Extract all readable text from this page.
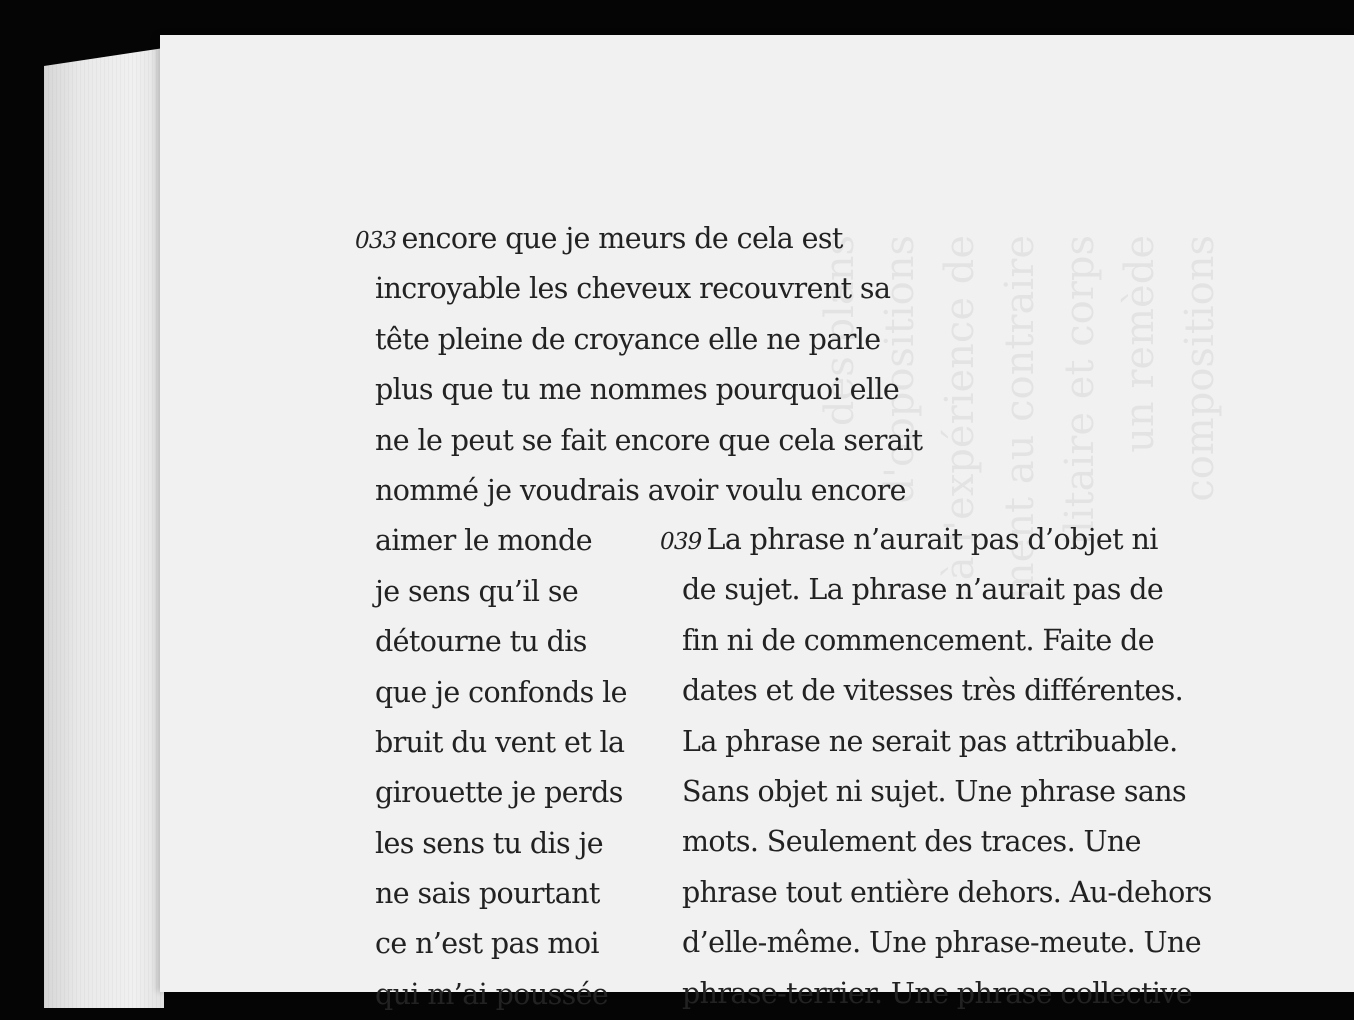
compositions
un remède
ilitaire et corps
ment au contraire
à l'expérience de
d'oppositions
des plans
033 encore que je meurs de cela est
incroyable les cheveux recouvrent sa
tête pleine de croyance elle ne parle
plus que tu me nommes pourquoi elle
ne le peut se fait encore que cela serait
nommé je voudrais avoir voulu encore
aimer le monde
je sens qu’il se
détourne tu dis
que je confonds le
bruit du vent et la
girouette je perds
les sens tu dis je
ne sais pourtant
ce n’est pas moi
qui m’ai poussée
039 La phrase n’aurait pas d’objet ni
de sujet. La phrase n’aurait pas de
fin ni de commencement. Faite de
dates et de vitesses très différentes.
La phrase ne serait pas attribuable.
Sans objet ni sujet. Une phrase sans
mots. Seulement des traces. Une
phrase tout entière dehors. Au-dehors
d’elle-même. Une phrase-meute. Une
phrase-terrier. Une phrase collective
